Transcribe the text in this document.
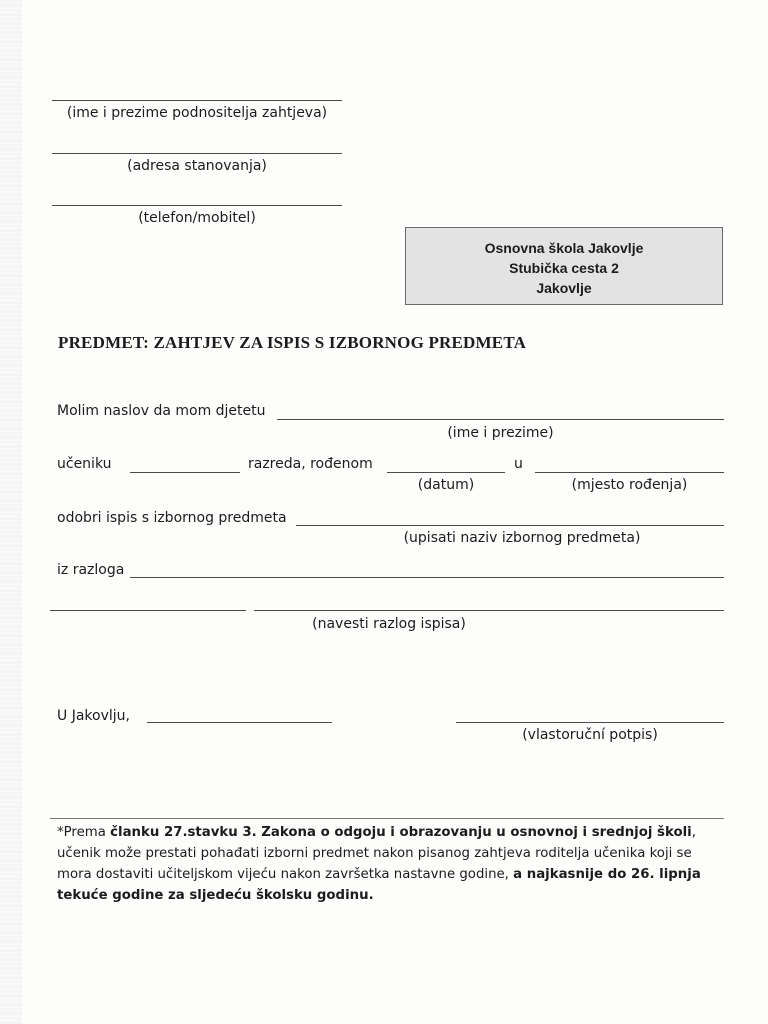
(ime i prezime podnositelja zahtjeva)
(adresa stanovanja)
(telefon/mobitel)
Osnovna škola Jakovlje
Stubička cesta 2
Jakovlje
PREDMET: ZAHTJEV ZA ISPIS S IZBORNOG PREDMETA
Molim naslov da mom djetetu
(ime i prezime)
učeniku	razreda, rođenom	u
(datum)	(mjesto rođenja)
odobri ispis s izbornog predmeta
(upisati naziv izbornog predmeta)
iz razloga
(navesti razlog ispisa)
U Jakovlju,
(vlastoruční potpis)
*Prema članku 27.stavku 3. Zakona o odgoju i obrazovanju u osnovnoj i srednjoj školi, učenik može prestati pohađati izborni predmet nakon pisanog zahtjeva roditelja učenika koji se mora dostaviti učiteljskom vijeću nakon završetka nastavne godine, a najkasnije do 26. lipnja tekuće godine za sljedeću školsku godinu.
